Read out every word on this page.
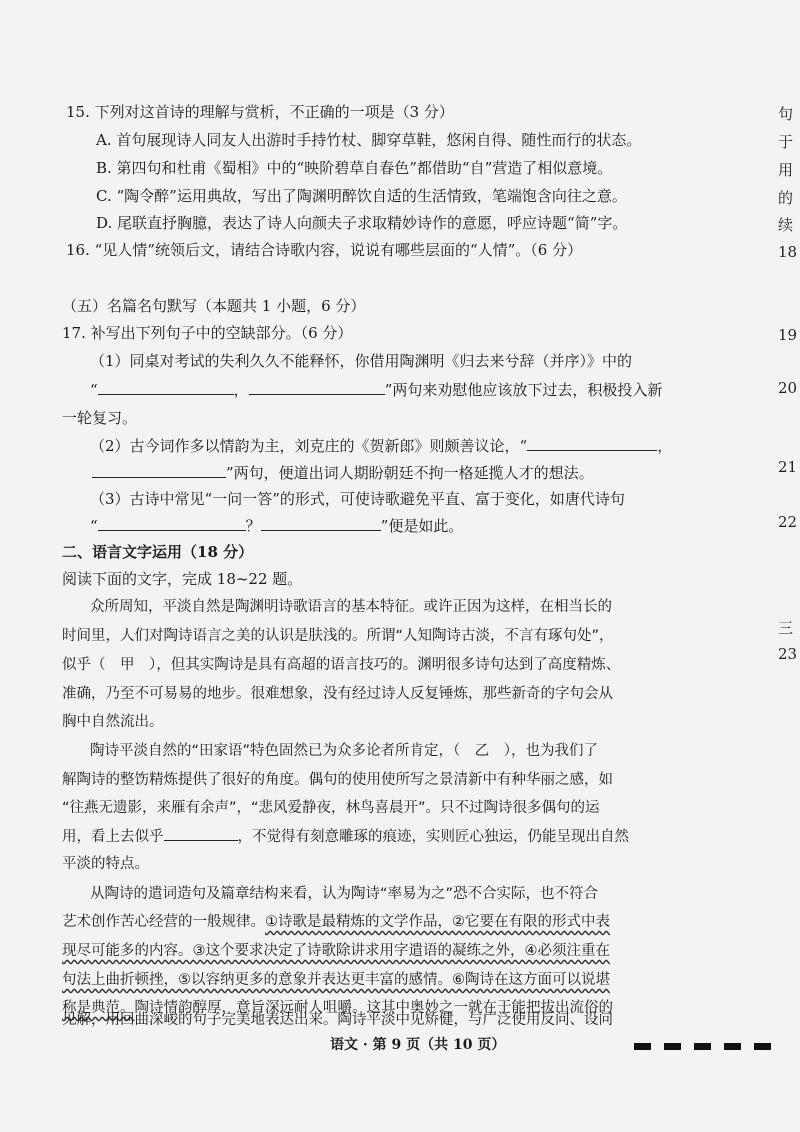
15. 下列对这首诗的理解与赏析，不正确的一项是（3 分）
A. 首句展现诗人同友人出游时手持竹杖、脚穿草鞋，悠闲自得、随性而行的状态。
B. 第四句和杜甫《蜀相》中的“映阶碧草自春色”都借助“自”营造了相似意境。
C. “陶令醉”运用典故，写出了陶渊明醉饮自适的生活情致，笔端饱含向往之意。
D. 尾联直抒胸臆，表达了诗人向颜夫子求取精妙诗作的意愿，呼应诗题“简”字。
16. “见人情”统领后文，请结合诗歌内容，说说有哪些层面的“人情”。（6 分）
（五）名篇名句默写（本题共 1 小题，6 分）
17. 补写出下列句子中的空缺部分。（6 分）
（1）同桌对考试的失利久久不能释怀，你借用陶渊明《归去来兮辞（并序）》中的
“	，	”两句来劝慰他应该放下过去，积极投入新
一轮复习。
（2）古今词作多以情韵为主，刘克庄的《贺新郎》则颇善议论，“	，
”两句，便道出词人期盼朝廷不拘一格延揽人才的想法。
（3）古诗中常见“一问一答”的形式，可使诗歌避免平直、富于变化，如唐代诗句
“	？	”便是如此。
二、语言文字运用（18 分）
阅读下面的文字，完成 18~22 题。
众所周知，平淡自然是陶渊明诗歌语言的基本特征。或许正因为这样，在相当长的
时间里，人们对陶诗语言之美的认识是肤浅的。所谓“人知陶诗古淡，不言有琢句处”，
似乎（　甲　），但其实陶诗是具有高超的语言技巧的。渊明很多诗句达到了高度精炼、
准确，乃至不可易易的地步。很难想象，没有经过诗人反复锤炼，那些新奇的字句会从
胸中自然流出。
陶诗平淡自然的“田家语”特色固然已为众多论者所肯定，（　乙　），也为我们了
解陶诗的整饬精炼提供了很好的角度。偶句的使用使所写之景清新中有种华丽之感，如
“往燕无遗影，来雁有余声”，“悲风爱静夜，林鸟喜晨开”。只不过陶诗很多偶句的运
用，看上去似乎	，不觉得有刻意雕琢的痕迹，实则匠心独运，仍能呈现出自然
平淡的特点。
从陶诗的遣词造句及篇章结构来看，认为陶诗“率易为之”恐不合实际，也不符合
艺术创作苦心经营的一般规律。①诗歌是最精炼的文学作品，②它要在有限的形式中表
现尽可能多的内容。③这个要求决定了诗歌除讲求用字遣语的凝练之外，④必须注重在
句法上曲折顿挫，⑤以容纳更多的意象并表达更丰富的感情。⑥陶诗在这方面可以说堪
称是典范。陶诗情韵醇厚，意旨深远耐人咀嚼。这其中奥妙之一就在于能把拔出流俗的
见解，用回曲深峻的句子完美地表达出来。陶诗平淡中见矫健，与广泛使用反问、设问
句
于
用
的
续
18
19
20
21
22
三
23
语文 · 第 9 页（共 10 页）
